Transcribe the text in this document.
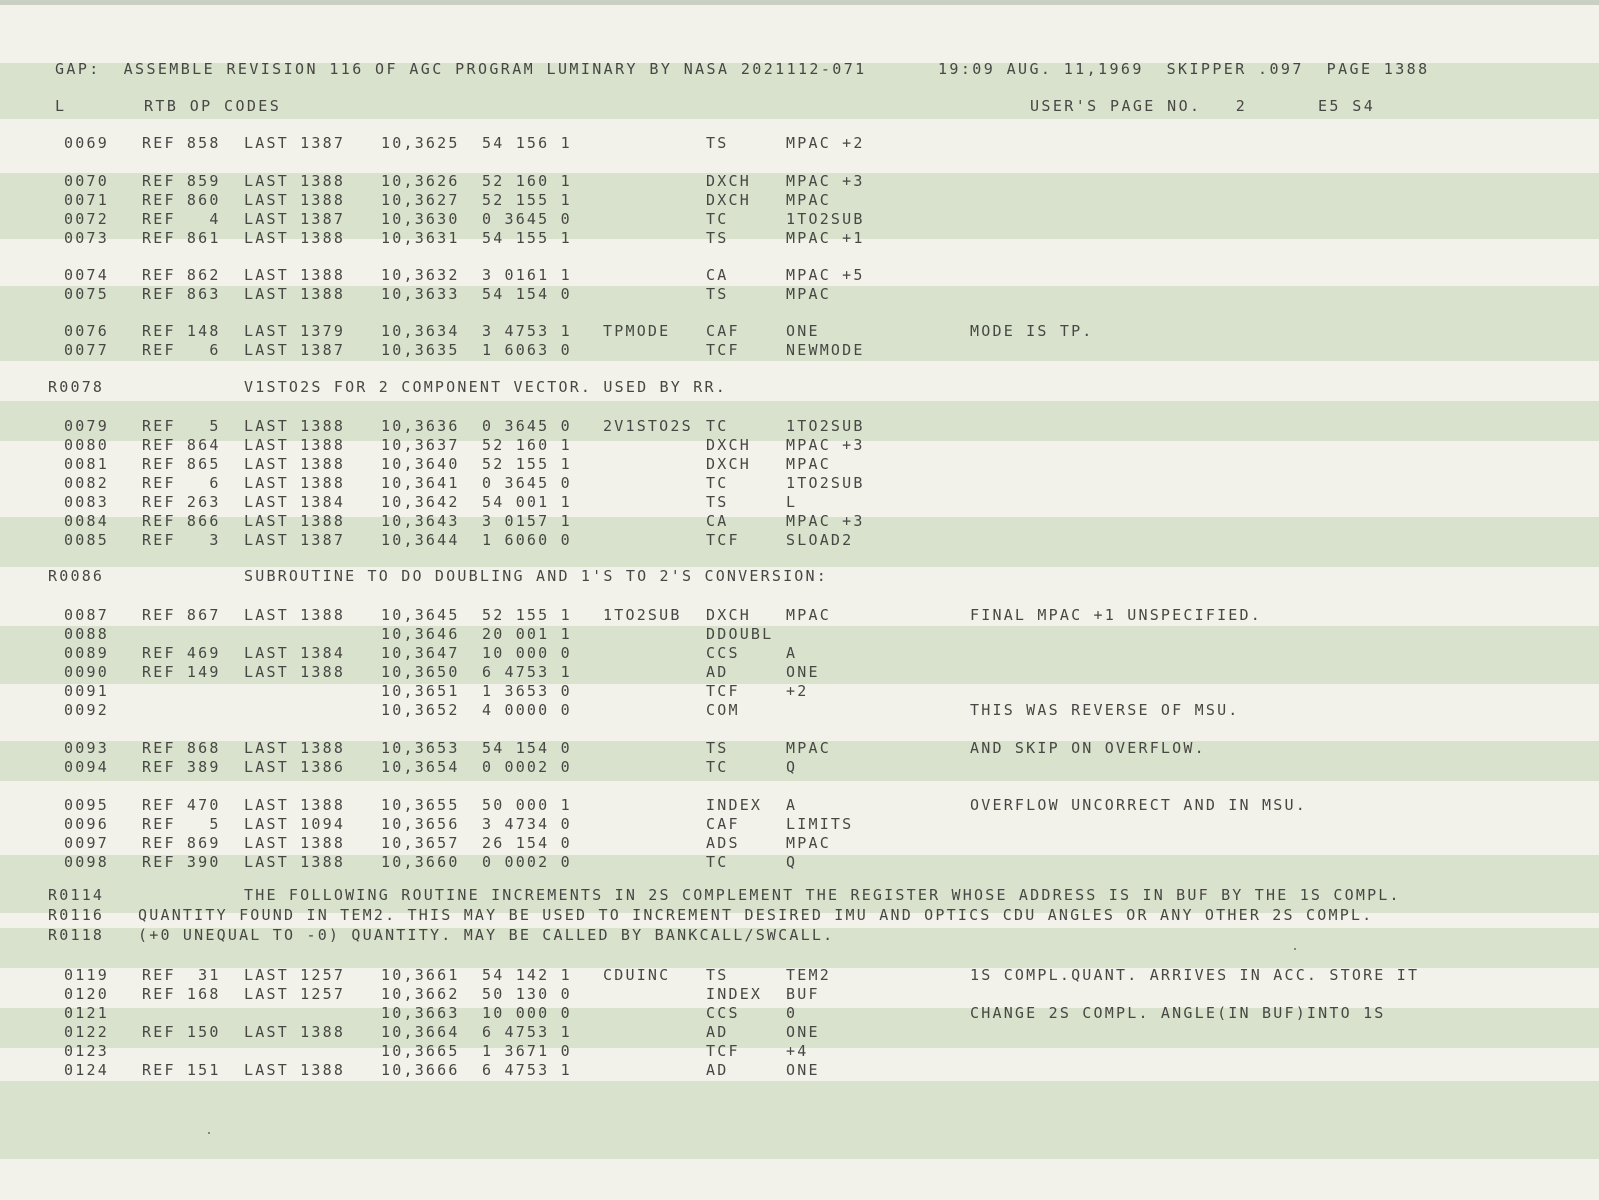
GAP:  ASSEMBLE REVISION 116 OF AGC PROGRAM LUMINARY BY NASA 2021112-071	19:09 AUG. 11,1969  SKIPPER .097  PAGE 1388
L	RTB OP CODES	USER'S PAGE NO.   2	E5 S4
0069 REF 858 LAST 1387 10,3625 54 156 1	TS	MPAC +2
0070 REF 859 LAST 1388 10,3626 52 160 1	DXCH MPAC +3
0071 REF 860 LAST 1388 10,3627 52 155 1	DXCH MPAC
0072 REF   4 LAST 1387 10,3630 0 3645 0	TC	1TO2SUB
0073 REF 861 LAST 1388 10,3631 54 155 1	TS	MPAC +1
0074 REF 862 LAST 1388 10,3632 3 0161 1	CA	MPAC +5
0075 REF 863 LAST 1388 10,3633 54 154 0	TS	MPAC
0076 REF 148 LAST 1379 10,3634 3 4753 1 TPMODE CAF	ONE	MODE IS TP.
0077 REF   6 LAST 1387 10,3635 1 6063 0	TCF	NEWMODE
0079 REF   5 LAST 1388 10,3636 0 3645 0 2V1STO2S TC	1TO2SUB
0080 REF 864 LAST 1388 10,3637 52 160 1	DXCH MPAC +3
0081 REF 865 LAST 1388 10,3640 52 155 1	DXCH MPAC
0082 REF   6 LAST 1388 10,3641 0 3645 0	TC	1TO2SUB
0083 REF 263 LAST 1384 10,3642 54 001 1	TS	L
0084 REF 866 LAST 1388 10,3643 3 0157 1	CA	MPAC +3
0085 REF   3 LAST 1387 10,3644 1 6060 0	TCF	SLOAD2
0087 REF 867 LAST 1388 10,3645 52 155 1 1TO2SUB DXCH MPAC	FINAL MPAC +1 UNSPECIFIED.
0088	10,3646 20 001 1	DDOUBL
0089 REF 469 LAST 1384 10,3647 10 000 0	CCS	A
0090 REF 149 LAST 1388 10,3650 6 4753 1	AD	ONE
0091	10,3651 1 3653 0	TCF	+2
0092	10,3652 4 0000 0	COM	THIS WAS REVERSE OF MSU.
0093 REF 868 LAST 1388 10,3653 54 154 0	TS	MPAC	AND SKIP ON OVERFLOW.
0094 REF 389 LAST 1386 10,3654 0 0002 0	TC	Q
0095 REF 470 LAST 1388 10,3655 50 000 1	INDEX A	OVERFLOW UNCORRECT AND IN MSU.
0096 REF   5 LAST 1094 10,3656 3 4734 0	CAF	LIMITS
0097 REF 869 LAST 1388 10,3657 26 154 0	ADS	MPAC
0098 REF 390 LAST 1388 10,3660 0 0002 0	TC	Q
0119 REF  31 LAST 1257 10,3661 54 142 1 CDUINC TS	TEM2	1S COMPL.QUANT. ARRIVES IN ACC. STORE IT
0120 REF 168 LAST 1257 10,3662 50 130 0	INDEX BUF
0121	10,3663 10 000 0	CCS	0	CHANGE 2S COMPL. ANGLE(IN BUF)INTO 1S
0122 REF 150 LAST 1388 10,3664 6 4753 1	AD	ONE
0123	10,3665 1 3671 0	TCF	+4
0124 REF 151 LAST 1388 10,3666 6 4753 1	AD	ONE
R0078	V1STO2S FOR 2 COMPONENT VECTOR. USED BY RR.
R0086	SUBROUTINE TO DO DOUBLING AND 1'S TO 2'S CONVERSION:
R0114	THE FOLLOWING ROUTINE INCREMENTS IN 2S COMPLEMENT THE REGISTER WHOSE ADDRESS IS IN BUF BY THE 1S COMPL.
R0116 QUANTITY FOUND IN TEM2. THIS MAY BE USED TO INCREMENT DESIRED IMU AND OPTICS CDU ANGLES OR ANY OTHER 2S COMPL.
R0118 (+0 UNEQUAL TO -0) QUANTITY. MAY BE CALLED BY BANKCALL/SWCALL.
